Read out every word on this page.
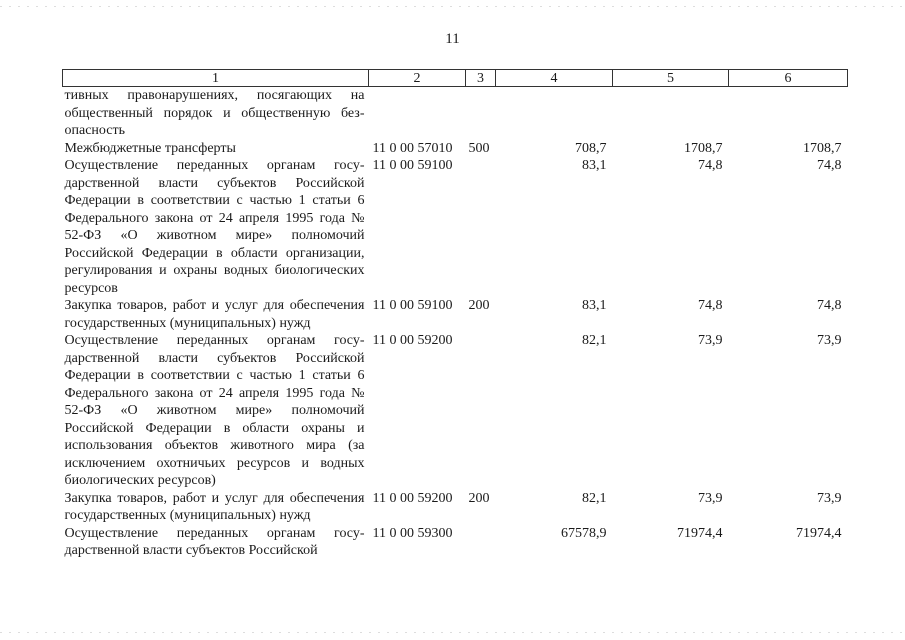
11
1	2	3	4	5	6
тивных правонарушениях, посягающих на общественный порядок и общественную безопасность					
Межбюджетные трансферты	11 0 00 57010	500	708,7	1708,7	1708,7
Осуществление переданных органам государственной власти субъектов Российской Федерации в соответствии с частью 1 статьи 6 Федерального закона от 24 апреля 1995 года № 52-ФЗ «О животном мире» полномочий Российской Федерации в области организации, регулирования и охраны водных биологических ресурсов	11 0 00 59100		83,1	74,8	74,8
Закупка товаров, работ и услуг для обеспечения государственных (муниципальных) нужд	11 0 00 59100	200	83,1	74,8	74,8
Осуществление переданных органам государственной власти субъектов Российской Федерации в соответствии с частью 1 статьи 6 Федерального закона от 24 апреля 1995 года № 52-ФЗ «О животном мире» полномочий Российской Федерации в области охраны и использования объектов животного мира (за исключением охотничьих ресурсов и водных биологических ресурсов)	11 0 00 59200		82,1	73,9	73,9
Закупка товаров, работ и услуг для обеспечения государственных (муниципальных) нужд	11 0 00 59200	200	82,1	73,9	73,9
Осуществление переданных органам государственной власти субъектов Российской	11 0 00 59300		67578,9	71974,4	71974,4
